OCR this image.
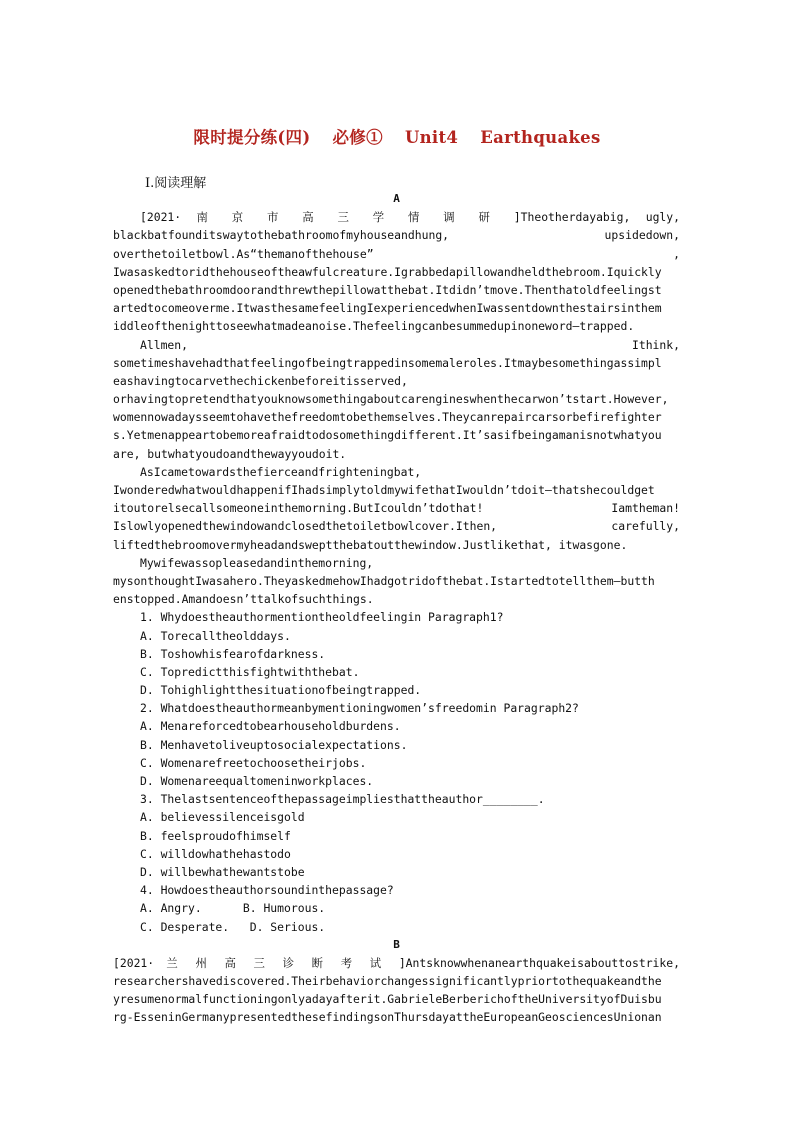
限时提分练(四) 必修① Unit4 Earthquakes
Ⅰ.阅读理解
A
[2021· 南 京 市 高 三 学 情 调 研 ]Theotherdayabig, ugly,
blackbatfounditswaytothebathroomofmyhouseandhung, upsidedown,
overthetoiletbowl.As“themanofthehouse” ,
Iwasaskedtoridthehouseoftheawfulcreature.Igrabbedapillowandheldthebroom.Iquickly
openedthebathroomdoorandthrewthepillowatthebat.Itdidn’tmove.Thenthatoldfeelingst
artedtocomeoverme.ItwasthesamefeelingIexperiencedwhenIwassentdownthestairsinthem
iddleofthenighttoseewhatmadeanoise.Thefeelingcanbesummedupinoneword—trapped.
Allmen, Ithink,
sometimeshavehadthatfeelingofbeingtrappedinsomemaleroles.Itmaybesomethingassimpl
eashavingtocarvethechickenbeforeitisserved,
orhavingtopretendthatyouknowsomethingaboutcarengineswhenthecarwon’tstart.However,
womennowadaysseemtohavethefreedomtobethemselves.Theycanrepaircarsorbefirefighter
s.Yetmenappeartobemoreafraidtodosomethingdifferent.It’sasifbeingamanisnotwhatyou
are, butwhatyoudoandthewayyoudoit.
AsIcametowardsthefierceandfrighteningbat,
IwonderedwhatwouldhappenifIhadsimplytoldmywifethatIwouldn’tdoit—thatshecouldget
itoutorelsecallsomeoneinthemorning.ButIcouldn’tdothat! Iamtheman!
Islowlyopenedthewindowandclosedthetoiletbowlcover.Ithen, carefully,
liftedthebroomovermyheadandsweptthebatoutthewindow.Justlikethat, itwasgone.
Mywifewassopleasedandinthemorning,
mysonthoughtIwasahero.TheyaskedmehowIhadgotridofthebat.Istartedtotellthem—butth
enstopped.Amandoesn’ttalkofsuchthings.
1. Whydoestheauthormentiontheoldfeelingin Paragraph1?
A. Torecalltheolddays.
B. Toshowhisfearofdarkness.
C. Topredictthisfightwiththebat.
D. Tohighlightthesituationofbeingtrapped.
2. Whatdoestheauthormeanbymentioningwomen’sfreedomin Paragraph2?
A. Menareforcedtobearhouseholdburdens.
B. Menhavetoliveuptosocialexpectations.
C. Womenarefreetochoosetheirjobs.
D. Womenareequaltomeninworkplaces.
3. Thelastsentenceofthepassageimpliesthattheauthor________.
A. believessilenceisgold
B. feelsproudofhimself
C. willdowhathehastodo
D. willbewhathewantstobe
4. Howdoestheauthorsoundinthepassage?
A. Angry.      B. Humorous.
C. Desperate.   D. Serious.
B
[2021· 兰 州 高 三 诊 断 考 试 ]Antsknowwhenanearthquakeisabouttostrike,
researchershavediscovered.Theirbehaviorchangessignificantlypriortothequakeandthe
yresumenormalfunctioningonlyadayafterit.GabrieleBerberichoftheUniversityofDuisbu
rg-EsseninGermanypresentedthesefindingsonThursdayattheEuropeanGeosciencesUnionan
